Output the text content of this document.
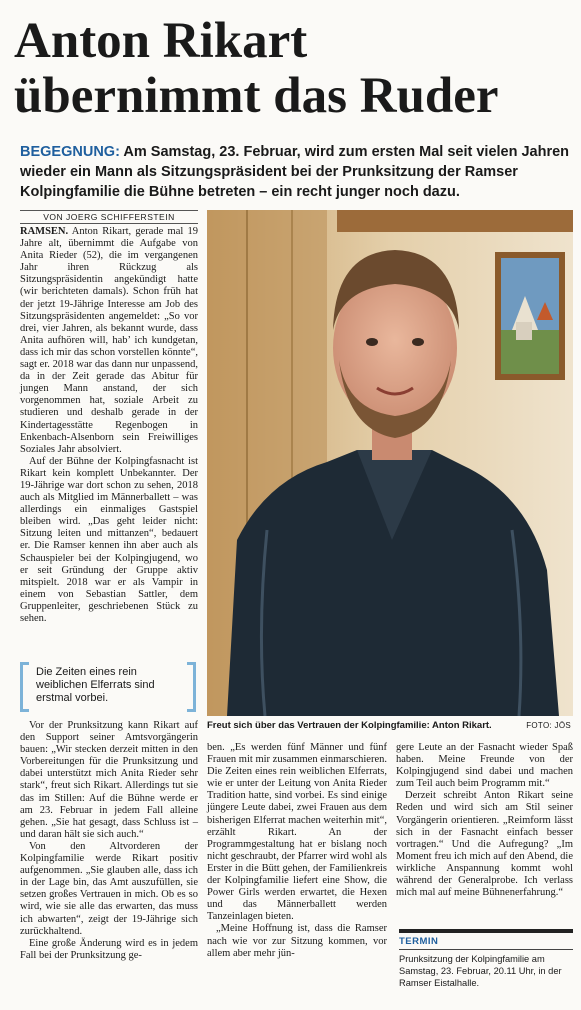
Anton Rikart
übernimmt das Ruder
BEGEGNUNG: Am Samstag, 23. Februar, wird zum ersten Mal seit vielen Jahren wieder ein Mann als Sitzungspräsident bei der Prunksitzung der Ramser Kolpingfamilie die Bühne betreten – ein recht junger noch dazu.
VON JOERG SCHIFFERSTEIN

RAMSEN. Anton Rikart, gerade mal 19 Jahre alt, übernimmt die Aufgabe von Anita Rieder (52), die im vergangenen Jahr ihren Rückzug als Sitzungspräsidentin angekündigt hatte (wir berichteten damals). Schon früh hat der jetzt 19-Jährige Interesse am Job des Sitzungspräsidenten angemeldet: „So vor drei, vier Jahren, als bekannt wurde, dass Anita aufhören will, hab’ ich kundgetan, dass ich mir das schon vorstellen könnte“, sagt er. 2018 war das dann nur unpassend, da in der Zeit gerade das Abitur für jungen Mann anstand, der sich vorgenommen hat, soziale Arbeit zu studieren und deshalb gerade in der Kindertagesstätte Regenbogen in Enkenbach-Alsenborn sein Freiwilliges Soziales Jahr absolviert.

Auf der Bühne der Kolpingfasnacht ist Rikart kein komplett Unbekannter. Der 19-Jährige war dort schon zu sehen, 2018 auch als Mitglied im Männerballett – was allerdings ein einmaliges Gastspiel bleiben wird. „Das geht leider nicht: Sitzung leiten und mittanzen“, bedauert er. Die Ramser kennen ihn aber auch als Schauspieler bei der Kolpingjugend, wo er seit Gründung der Gruppe aktiv mitspielt. 2018 war er als Vampir in einem von Sebastian Sattler, dem Gruppenleiter, geschriebenen Stück zu sehen.

Die Zeiten eines rein weiblichen Elferrats sind erstmal vorbei.
Freut sich über das Vertrauen der Kolpingfamilie: Anton Rikart.	FOTO: JÖS

Vor der Prunksitzung kann Rikart auf den Support seiner Amtsvorgängerin bauen: „Wir stecken derzeit mitten in den Vorbereitungen für die Prunksitzung und dabei unterstützt mich Anita Rieder sehr stark“, freut sich Rikart. Allerdings tut sie das im Stillen: Auf die Bühne werde er am 23. Februar in jedem Fall alleine gehen. „Sie hat gesagt, dass Schluss ist – und daran hält sie sich auch.“

Von den Altvorderen der Kolpingfamilie werde Rikart positiv aufgenommen. „Sie glauben alle, dass ich in der Lage bin, das Amt auszufüllen, sie setzen großes Vertrauen in mich. Ob es so wird, wie sie alle das erwarten, das muss ich abwarten“, zeigt der 19-Jährige sich zurückhaltend.

Eine große Änderung wird es in jedem Fall bei der Prunksitzung ge-

ben. „Es werden fünf Männer und fünf Frauen mit mir zusammen einmarschieren. Die Zeiten eines rein weiblichen Elferrats, wie er unter der Leitung von Anita Rieder Tradition hatte, sind vorbei. Es sind einige jüngere Leute dabei, zwei Frauen aus dem bisherigen Elferrat machen weiterhin mit“, erzählt Rikart. An der Programmgestaltung hat er bislang noch nicht geschraubt, der Pfarrer wird wohl als Erster in die Bütt gehen, der Familienkreis der Kolpingfamilie liefert eine Show, die Power Girls werden erwartet, die Hexen und das Männerballett werden Tanzeinlagen bieten.

„Meine Hoffnung ist, dass die Ramser nach wie vor zur Sitzung kommen, vor allem aber mehr jün-

gere Leute an der Fasnacht wieder Spaß haben. Meine Freunde von der Kolpingjugend sind dabei und machen zum Teil auch beim Programm mit.“

Derzeit schreibt Anton Rikart seine Reden und wird sich am Stil seiner Vorgängerin orientieren. „Reimform lässt sich in der Fasnacht einfach besser vortragen.“ Und die Aufregung? „Im Moment freu ich mich auf den Abend, die wirkliche Anspannung kommt wohl während der Generalprobe. Ich verlass mich mal auf meine Bühnenerfahrung.“

TERMIN
Prunksitzung der Kolpingfamilie am Samstag, 23. Februar, 20.11 Uhr, in der Ramser Eistalhalle.
